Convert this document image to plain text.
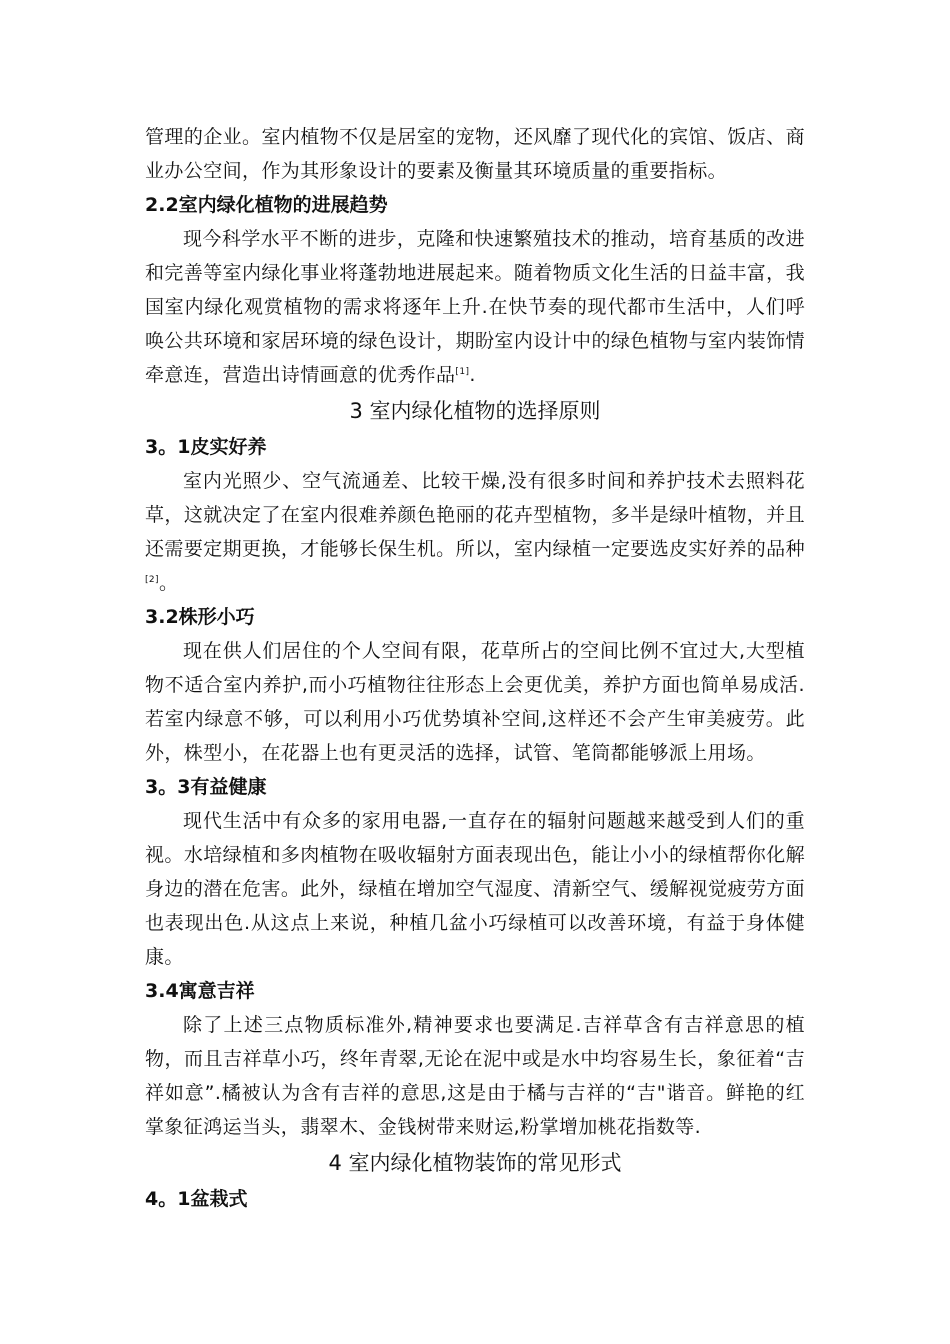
管理的企业。室内植物不仅是居室的宠物，还风靡了现代化的宾馆、饭店、商业办公空间，作为其形象设计的要素及衡量其环境质量的重要指标。

2.2室内绿化植物的进展趋势

现今科学水平不断的进步，克隆和快速繁殖技术的推动，培育基质的改进和完善等室内绿化事业将蓬勃地进展起来。随着物质文化生活的日益丰富，我国室内绿化观赏植物的需求将逐年上升.在快节奏的现代都市生活中，人们呼唤公共环境和家居环境的绿色设计，期盼室内设计中的绿色植物与室内装饰情牵意连，营造出诗情画意的优秀作品[1].

3 室内绿化植物的选择原则
3。1皮实好养

室内光照少、空气流通差、比较干燥,没有很多时间和养护技术去照料花草，这就决定了在室内很难养颜色艳丽的花卉型植物，多半是绿叶植物，并且还需要定期更换，才能够长保生机。所以，室内绿植一定要选皮实好养的品种[2]。

3.2株形小巧

现在供人们居住的个人空间有限，花草所占的空间比例不宜过大,大型植物不适合室内养护,而小巧植物往往形态上会更优美，养护方面也简单易成活.若室内绿意不够，可以利用小巧优势填补空间,这样还不会产生审美疲劳。此外，株型小，在花器上也有更灵活的选择，试管、笔筒都能够派上用场。

3。3有益健康

现代生活中有众多的家用电器,一直存在的辐射问题越来越受到人们的重视。水培绿植和多肉植物在吸收辐射方面表现出色，能让小小的绿植帮你化解身边的潜在危害。此外，绿植在增加空气湿度、清新空气、缓解视觉疲劳方面也表现出色.从这点上来说，种植几盆小巧绿植可以改善环境，有益于身体健康。

3.4寓意吉祥

除了上述三点物质标准外,精神要求也要满足.吉祥草含有吉祥意思的植物，而且吉祥草小巧，终年青翠,无论在泥中或是水中均容易生长，象征着“吉祥如意”.橘被认为含有吉祥的意思,这是由于橘与吉祥的“吉"谐音。鲜艳的红掌象征鸿运当头，翡翠木、金钱树带来财运,粉掌增加桃花指数等.

4 室内绿化植物装饰的常见形式
4。1盆栽式
